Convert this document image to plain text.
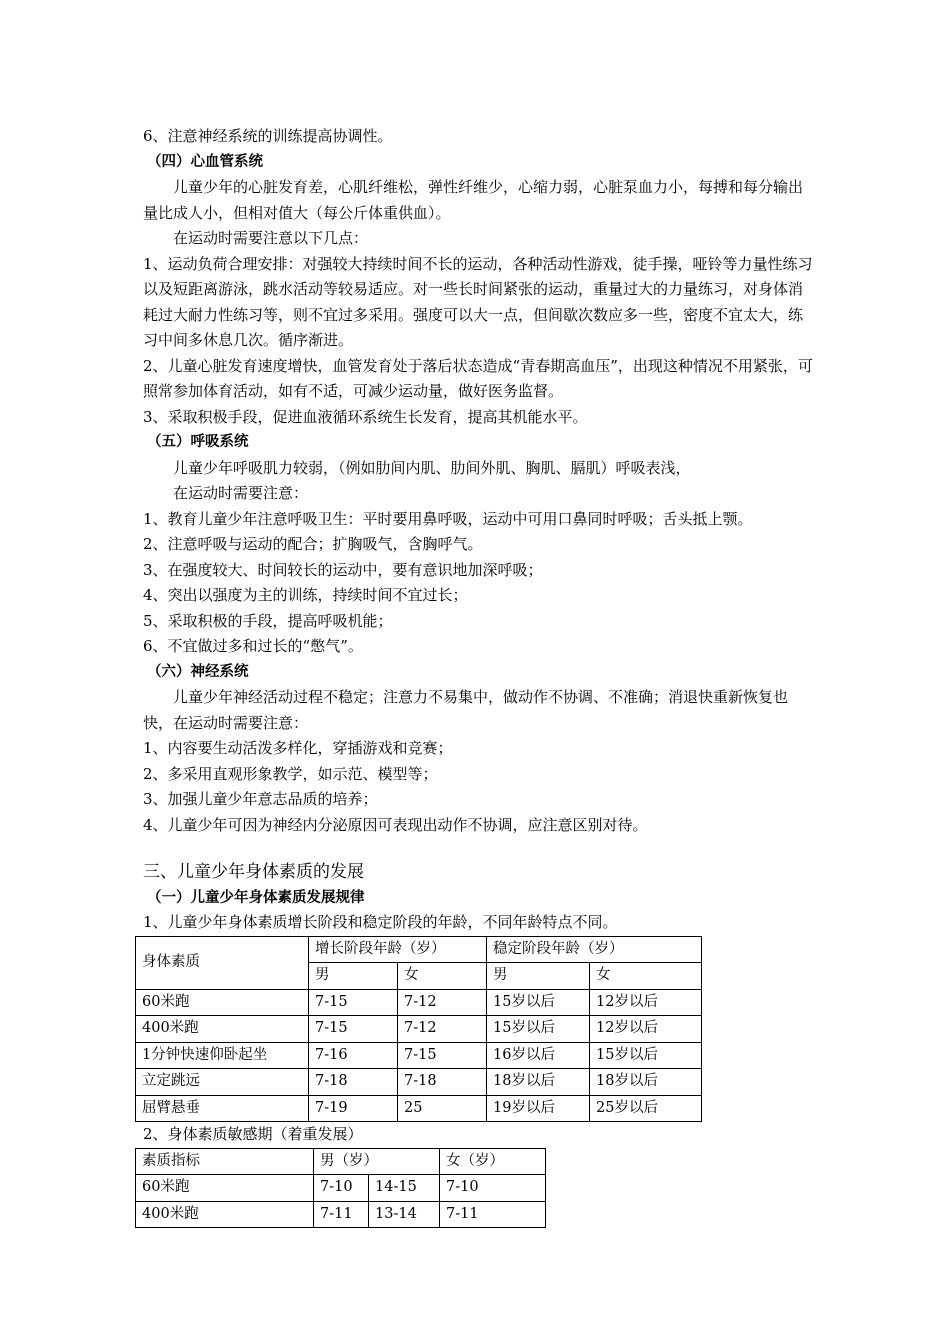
6、注意神经系统的训练提高协调性。

（四）心血管系统

儿童少年的心脏发育差，心肌纤维松，弹性纤维少，心缩力弱，心脏泵血力小，每搏和每分输出量比成人小，但相对值大（每公斤体重供血）。

在运动时需要注意以下几点：

1、运动负荷合理安排：对强较大持续时间不长的运动，各种活动性游戏，徒手操，哑铃等力量性练习以及短距离游泳，跳水活动等较易适应。对一些长时间紧张的运动，重量过大的力量练习，对身体消耗过大耐力性练习等，则不宜过多采用。强度可以大一点，但间歇次数应多一些，密度不宜太大，练习中间多休息几次。循序渐进。

2、儿童心脏发育速度增快，血管发育处于落后状态造成“青春期高血压”，出现这种情况不用紧张，可照常参加体育活动，如有不适，可减少运动量，做好医务监督。

3、采取积极手段，促进血液循环系统生长发育，提高其机能水平。

（五）呼吸系统

儿童少年呼吸肌力较弱，（例如肋间内肌、肋间外肌、胸肌、膈肌）呼吸表浅，

在运动时需要注意：

1、教育儿童少年注意呼吸卫生：平时要用鼻呼吸，运动中可用口鼻同时呼吸；舌头抵上颚。

2、注意呼吸与运动的配合；扩胸吸气，含胸呼气。

3、在强度较大、时间较长的运动中，要有意识地加深呼吸；

4、突出以强度为主的训练，持续时间不宜过长；

5、采取积极的手段，提高呼吸机能；

6、不宜做过多和过长的“憋气”。

（六）神经系统

儿童少年神经活动过程不稳定；注意力不易集中，做动作不协调、不准确；消退快重新恢复也快，在运动时需要注意：

1、内容要生动活泼多样化，穿插游戏和竞赛；

2、多采用直观形象教学，如示范、模型等；

3、加强儿童少年意志品质的培养；

4、儿童少年可因为神经内分泌原因可表现出动作不协调，应注意区别对待。

三、儿童少年身体素质的发展

（一）儿童少年身体素质发展规律

1、儿童少年身体素质增长阶段和稳定阶段的年龄，不同年龄特点不同。

身体素质	增长阶段年龄（岁）		稳定阶段年龄（岁）	
	男	女	男	女
60米跑	7-15	7-12	15岁以后	12岁以后
400米跑	7-15	7-12	15岁以后	12岁以后
1分钟快速仰卧起坐	7-16	7-15	16岁以后	15岁以后
立定跳远	7-18	7-18	18岁以后	18岁以后
屈臂悬垂	7-19	25	19岁以后	25岁以后

2、身体素质敏感期（着重发展）

素质指标	男（岁）		女（岁）
60米跑	7-10	14-15	7-10
400米跑	7-11	13-14	7-11
